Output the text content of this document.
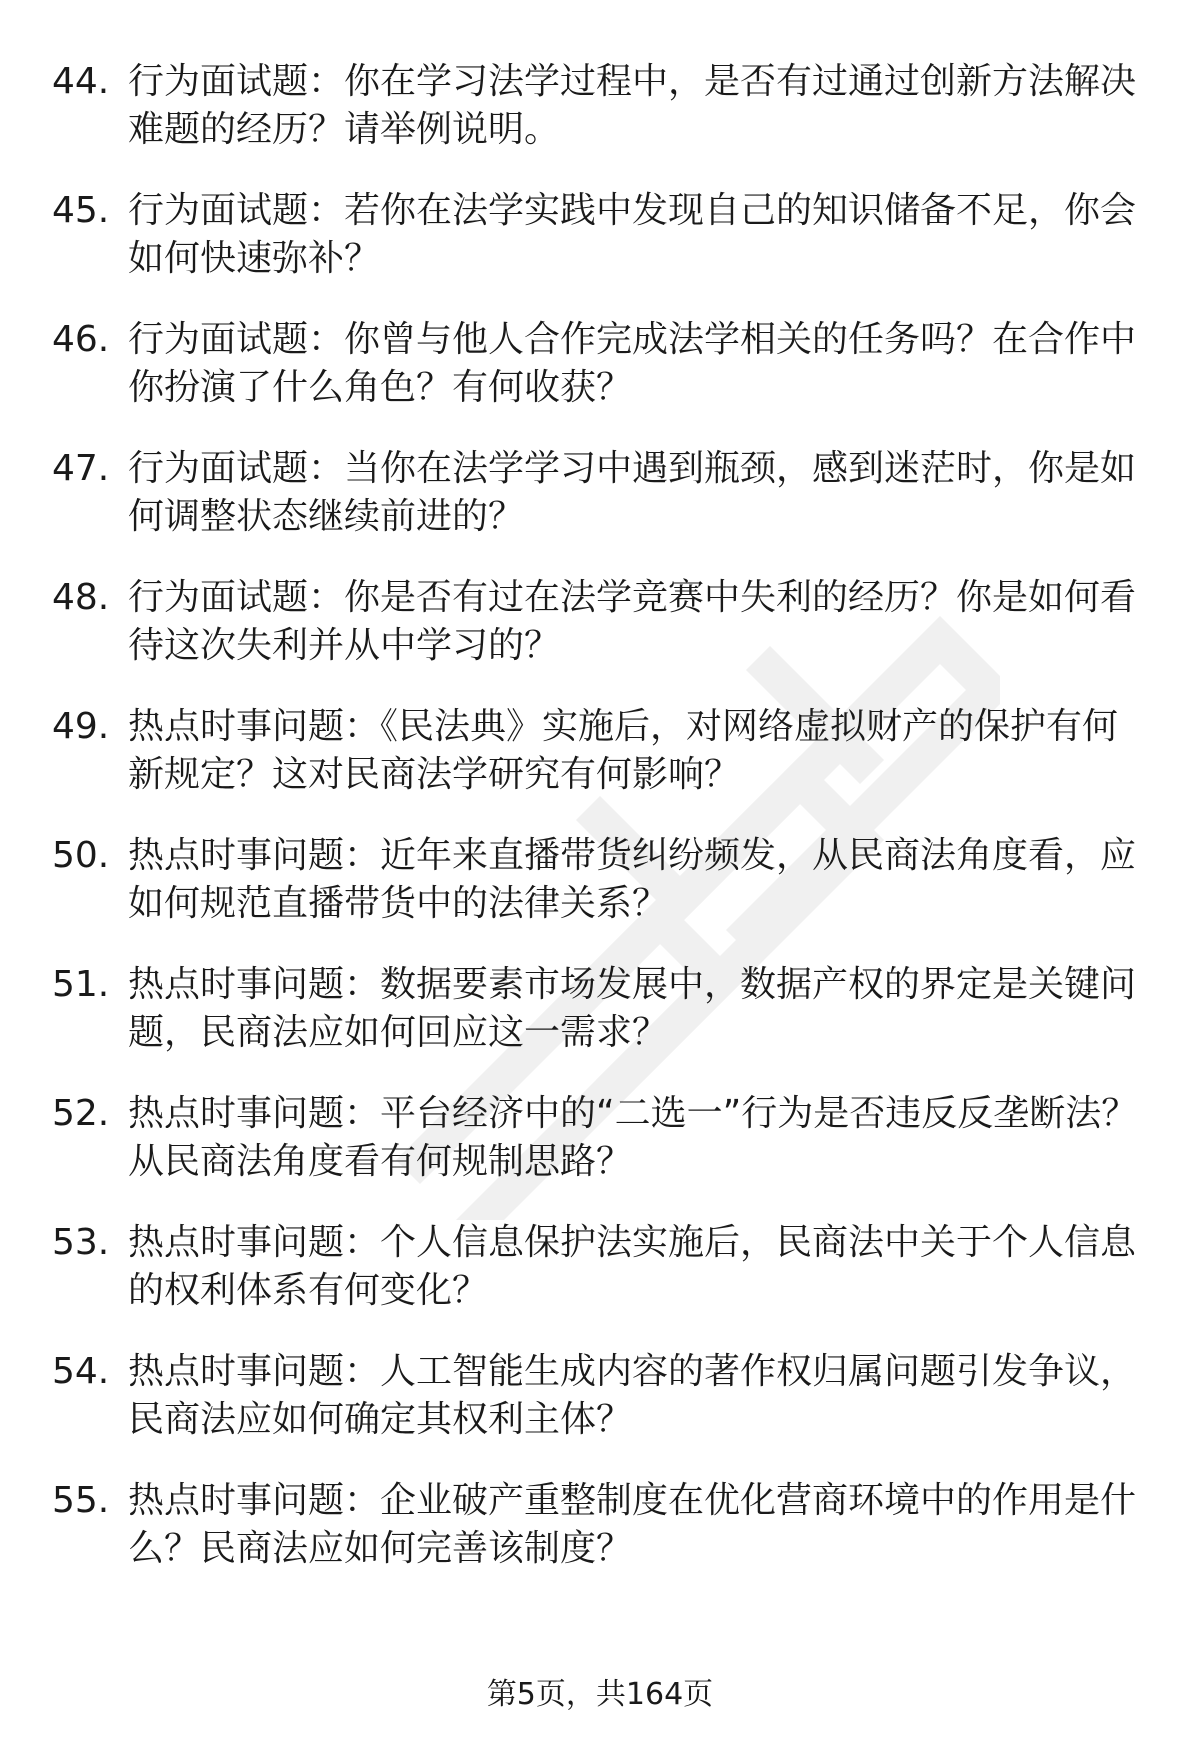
44. 行为面试题：你在学习法学过程中，是否有过通过创新方法解决难题的经历？请举例说明。
45. 行为面试题：若你在法学实践中发现自己的知识储备不足，你会如何快速弥补？
46. 行为面试题：你曾与他人合作完成法学相关的任务吗？在合作中你扮演了什么角色？有何收获？
47. 行为面试题：当你在法学学习中遇到瓶颈，感到迷茫时，你是如何调整状态继续前进的？
48. 行为面试题：你是否有过在法学竞赛中失利的经历？你是如何看待这次失利并从中学习的？
49. 热点时事问题：《民法典》实施后，对网络虚拟财产的保护有何新规定？这对民商法学研究有何影响？
50. 热点时事问题：近年来直播带货纠纷频发，从民商法角度看，应如何规范直播带货中的法律关系？
51. 热点时事问题：数据要素市场发展中，数据产权的界定是关键问题，民商法应如何回应这一需求？
52. 热点时事问题：平台经济中的“二选一”行为是否违反反垄断法？从民商法角度看有何规制思路？
53. 热点时事问题：个人信息保护法实施后，民商法中关于个人信息的权利体系有何变化？
54. 热点时事问题：人工智能生成内容的著作权归属问题引发争议，民商法应如何确定其权利主体？
55. 热点时事问题：企业破产重整制度在优化营商环境中的作用是什么？民商法应如何完善该制度？
第5页，共164页
